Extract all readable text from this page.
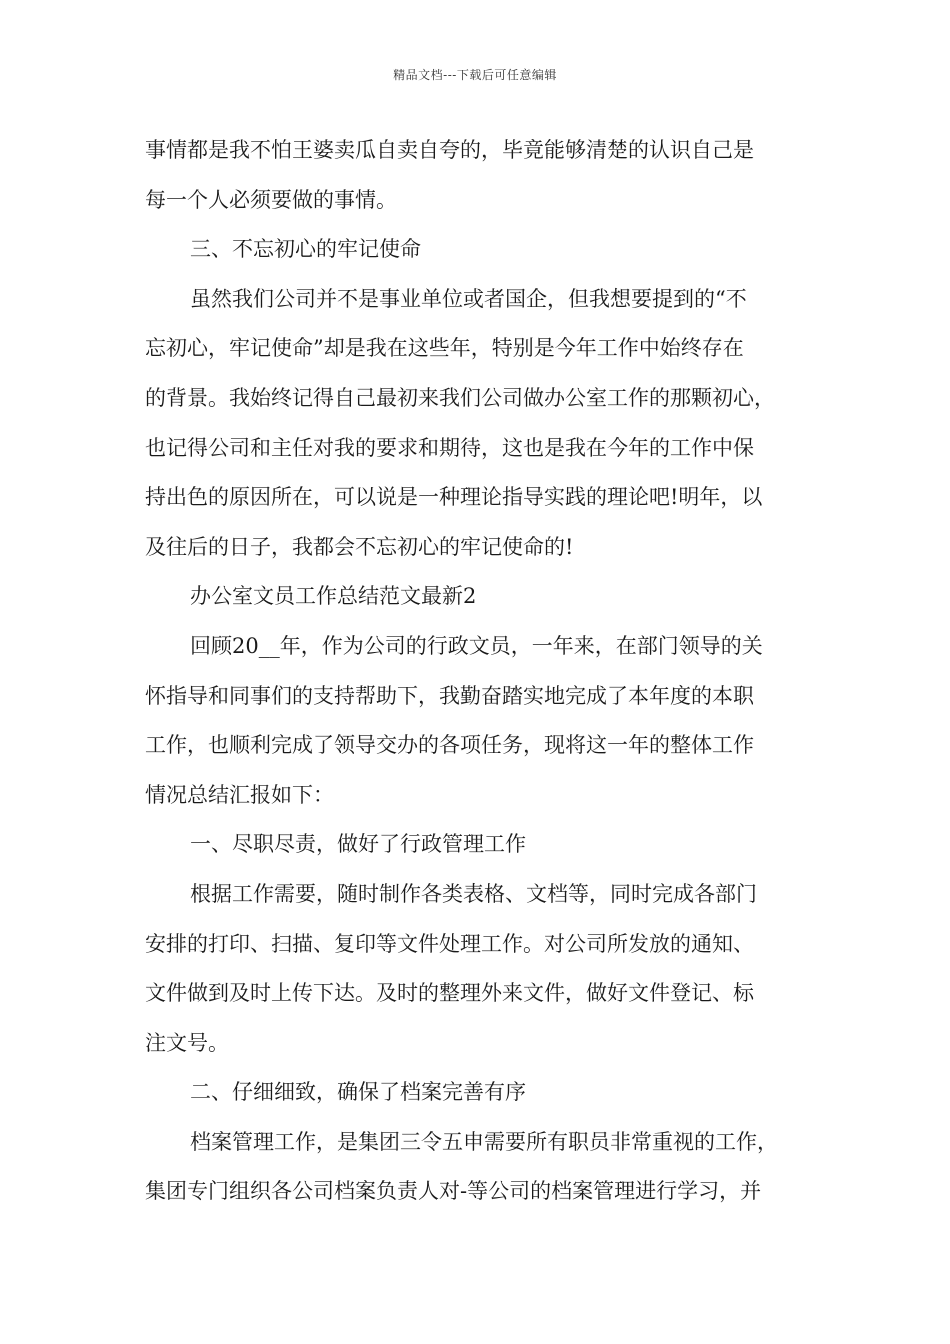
精品文档---下载后可任意编辑

事情都是我不怕王婆卖瓜自卖自夸的，毕竟能够清楚的认识自己是

每一个人必须要做的事情。

三、不忘初心的牢记使命

虽然我们公司并不是事业单位或者国企，但我想要提到的“不

忘初心，牢记使命”却是我在这些年，特别是今年工作中始终存在

的背景。我始终记得自己最初来我们公司做办公室工作的那颗初心，

也记得公司和主任对我的要求和期待，这也是我在今年的工作中保

持出色的原因所在，可以说是一种理论指导实践的理论吧!明年，以

及往后的日子，我都会不忘初心的牢记使命的!

办公室文员工作总结范文最新2

回顾20__年，作为公司的行政文员，一年来，在部门领导的关

怀指导和同事们的支持帮助下，我勤奋踏实地完成了本年度的本职

工作，也顺利完成了领导交办的各项任务，现将这一年的整体工作

情况总结汇报如下：

一、尽职尽责，做好了行政管理工作

根据工作需要，随时制作各类表格、文档等，同时完成各部门

安排的打印、扫描、复印等文件处理工作。对公司所发放的通知、

文件做到及时上传下达。及时的整理外来文件，做好文件登记、标

注文号。

二、仔细细致，确保了档案完善有序

档案管理工作，是集团三令五申需要所有职员非常重视的工作，

集团专门组织各公司档案负责人对-等公司的档案管理进行学习，并
